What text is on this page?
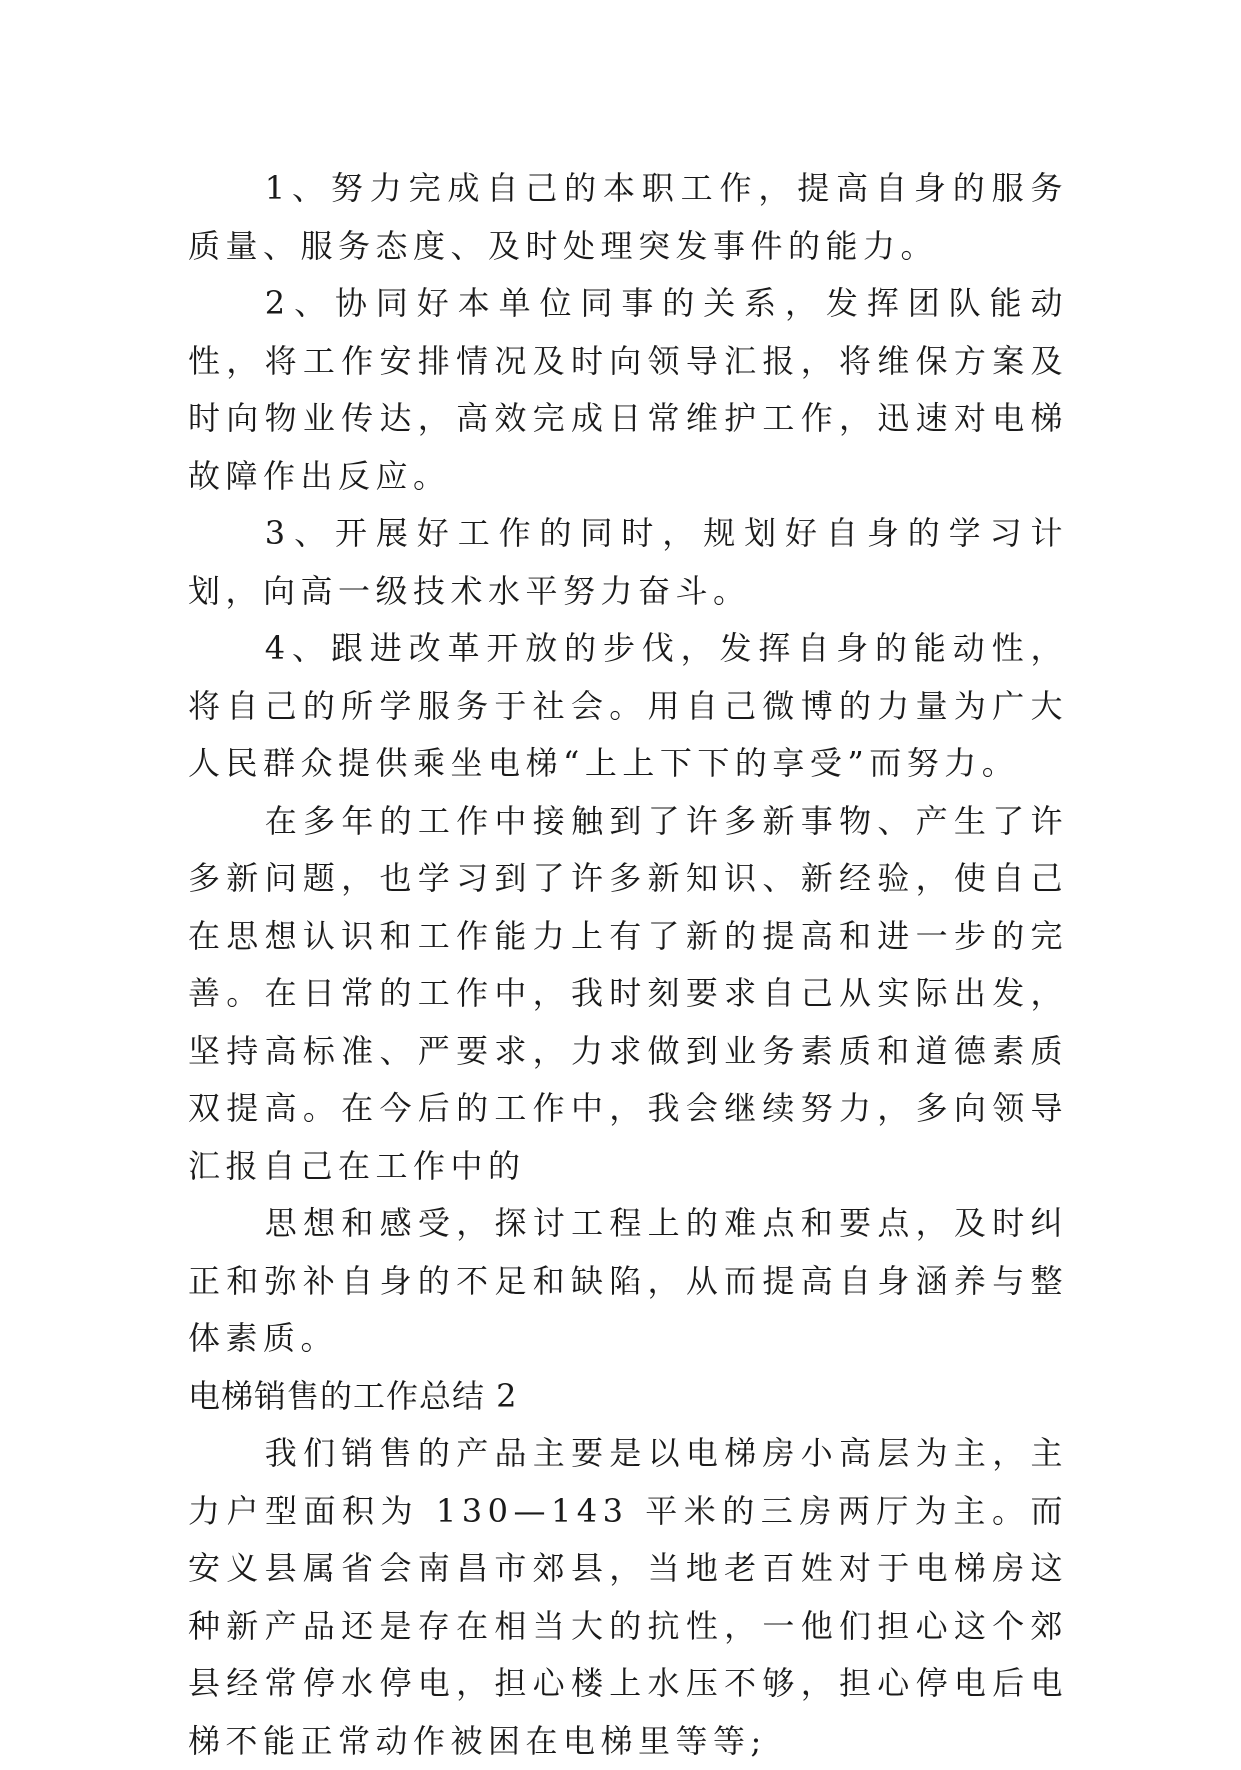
1、努力完成自己的本职工作，提高自身的服务质量、服务态度、及时处理突发事件的能力。

2、协同好本单位同事的关系，发挥团队能动性，将工作安排情况及时向领导汇报，将维保方案及时向物业传达，高效完成日常维护工作，迅速对电梯故障作出反应。

3、开展好工作的同时，规划好自身的学习计划，向高一级技术水平努力奋斗。

4、跟进改革开放的步伐，发挥自身的能动性，将自己的所学服务于社会。用自己微博的力量为广大人民群众提供乘坐电梯“上上下下的享受”而努力。

在多年的工作中接触到了许多新事物、产生了许多新问题，也学习到了许多新知识、新经验，使自己在思想认识和工作能力上有了新的提高和进一步的完善。在日常的工作中，我时刻要求自己从实际出发，坚持高标准、严要求，力求做到业务素质和道德素质双提高。在今后的工作中，我会继续努力，多向领导汇报自己在工作中的

思想和感受，探讨工程上的难点和要点，及时纠正和弥补自身的不足和缺陷，从而提高自身涵养与整体素质。

电梯销售的工作总结 2

我们销售的产品主要是以电梯房小高层为主，主力户型面积为 130—143 平米的三房两厅为主。而安义县属省会南昌市郊县，当地老百姓对于电梯房这种新产品还是存在相当大的抗性，一他们担心这个郊县经常停水停电，担心楼上水压不够，担心停电后电梯不能正常动作被困在电梯里等等;
